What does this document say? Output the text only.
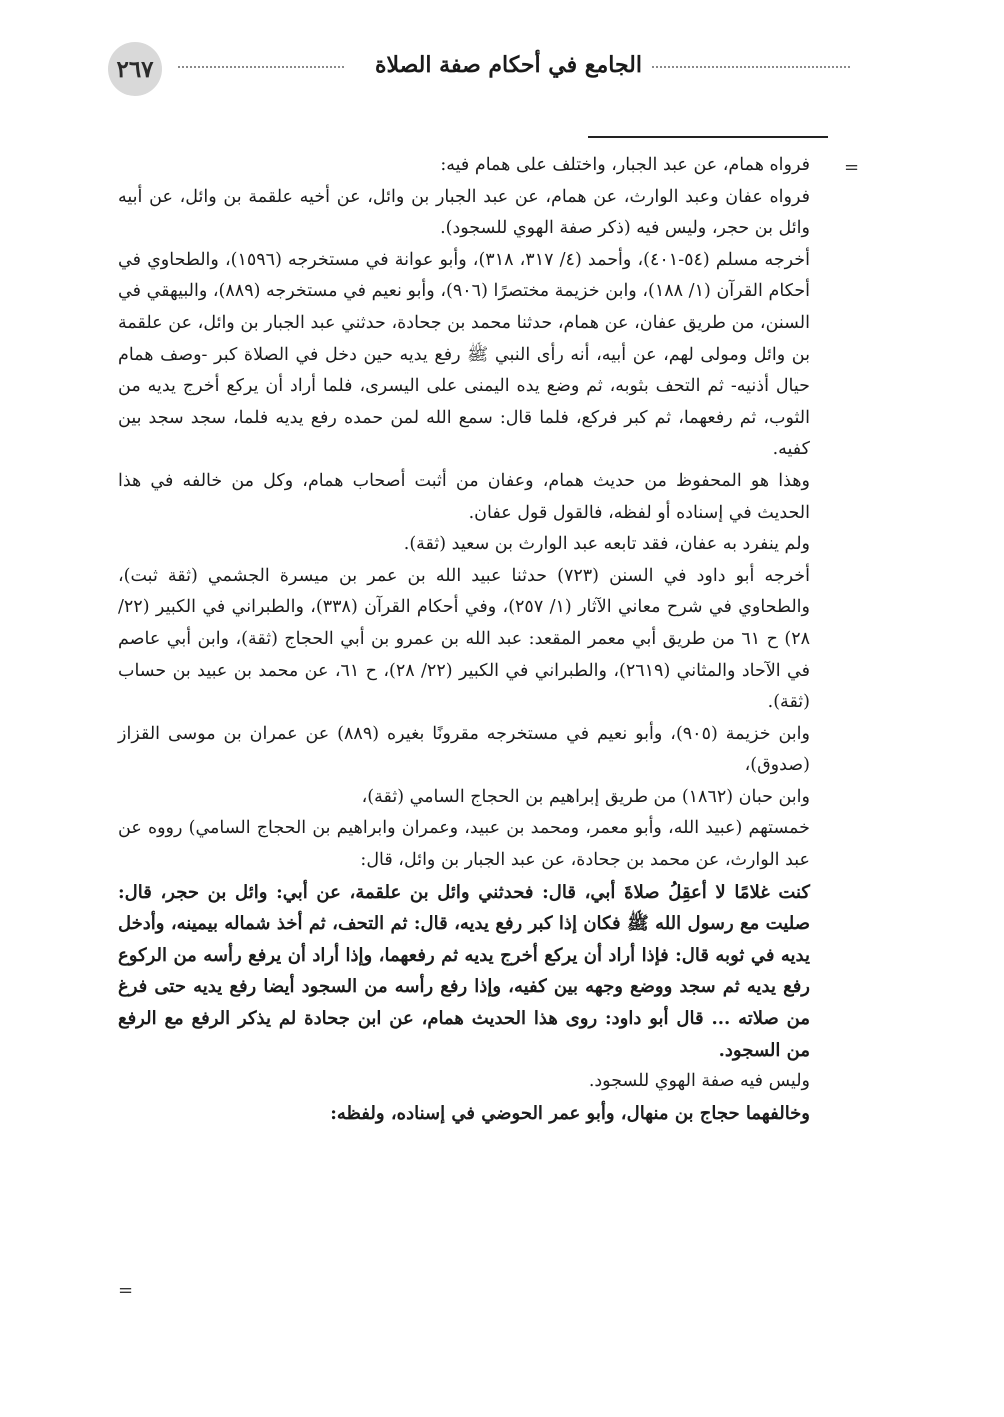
٢٦٧	الجامع في أحكام صفة الصلاة
=

فرواه همام، عن عبد الجبار، واختلف على همام فيه:

فرواه عفان وعبد الوارث، عن همام، عن عبد الجبار بن وائل، عن أخيه علقمة بن وائل، عن أبيه وائل بن حجر، وليس فيه (ذكر صفة الهوي للسجود).

أخرجه مسلم (٥٤-٤٠١)، وأحمد (٤/ ٣١٧، ٣١٨)، وأبو عوانة في مستخرجه (١٥٩٦)، والطحاوي في أحكام القرآن (١/ ١٨٨)، وابن خزيمة مختصرًا (٩٠٦)، وأبو نعيم في مستخرجه (٨٨٩)، والبيهقي في السنن، من طريق عفان، عن همام، حدثنا محمد بن جحادة، حدثني عبد الجبار بن وائل، عن علقمة بن وائل ومولى لهم، عن أبيه، أنه رأى النبي ﷺ رفع يديه حين دخل في الصلاة كبر -وصف همام حيال أذنيه- ثم التحف بثوبه، ثم وضع يده اليمنى على اليسرى، فلما أراد أن يركع أخرج يديه من الثوب، ثم رفعهما، ثم كبر فركع، فلما قال: سمع الله لمن حمده رفع يديه فلما، سجد سجد بين كفيه.

وهذا هو المحفوظ من حديث همام، وعفان من أثبت أصحاب همام، وكل من خالفه في هذا الحديث في إسناده أو لفظه، فالقول قول عفان.

ولم ينفرد به عفان، فقد تابعه عبد الوارث بن سعيد (ثقة).

أخرجه أبو داود في السنن (٧٢٣) حدثنا عبيد الله بن عمر بن ميسرة الجشمي (ثقة ثبت)، والطحاوي في شرح معاني الآثار (١/ ٢٥٧)، وفي أحكام القرآن (٣٣٨)، والطبراني في الكبير (٢٢/ ٢٨) ح ٦١ من طريق أبي معمر المقعد: عبد الله بن عمرو بن أبي الحجاج (ثقة)، وابن أبي عاصم في الآحاد والمثاني (٢٦١٩)، والطبراني في الكبير (٢٢/ ٢٨)، ح ٦١، عن محمد بن عبيد بن حساب (ثقة).

وابن خزيمة (٩٠٥)، وأبو نعيم في مستخرجه مقرونًا بغيره (٨٨٩) عن عمران بن موسى القزاز (صدوق)،

وابن حبان (١٨٦٢) من طريق إبراهيم بن الحجاج السامي (ثقة)،

خمستهم (عبيد الله، وأبو معمر، ومحمد بن عبيد، وعمران وابراهيم بن الحجاج السامي) رووه عن عبد الوارث، عن محمد بن جحادة، عن عبد الجبار بن وائل، قال:

كنت غلامًا لا أعقِلُ صلاةَ أبي، قال: فحدثني وائل بن علقمة، عن أبي: وائل بن حجر، قال: صليت مع رسول الله ﷺ فكان إذا كبر رفع يديه، قال: ثم التحف، ثم أخذ شماله بيمينه، وأدخل يديه في ثوبه قال: فإذا أراد أن يركع أخرج يديه ثم رفعهما، وإذا أراد أن يرفع رأسه من الركوع رفع يديه ثم سجد ووضع وجهه بين كفيه، وإذا رفع رأسه من السجود أيضا رفع يديه حتى فرغ من صلاته ... قال أبو داود: روى هذا الحديث همام، عن ابن جحادة لم يذكر الرفع مع الرفع من السجود.

وليس فيه صفة الهوي للسجود.

وخالفهما حجاج بن منهال، وأبو عمر الحوضي في إسناده، ولفظه:

=
